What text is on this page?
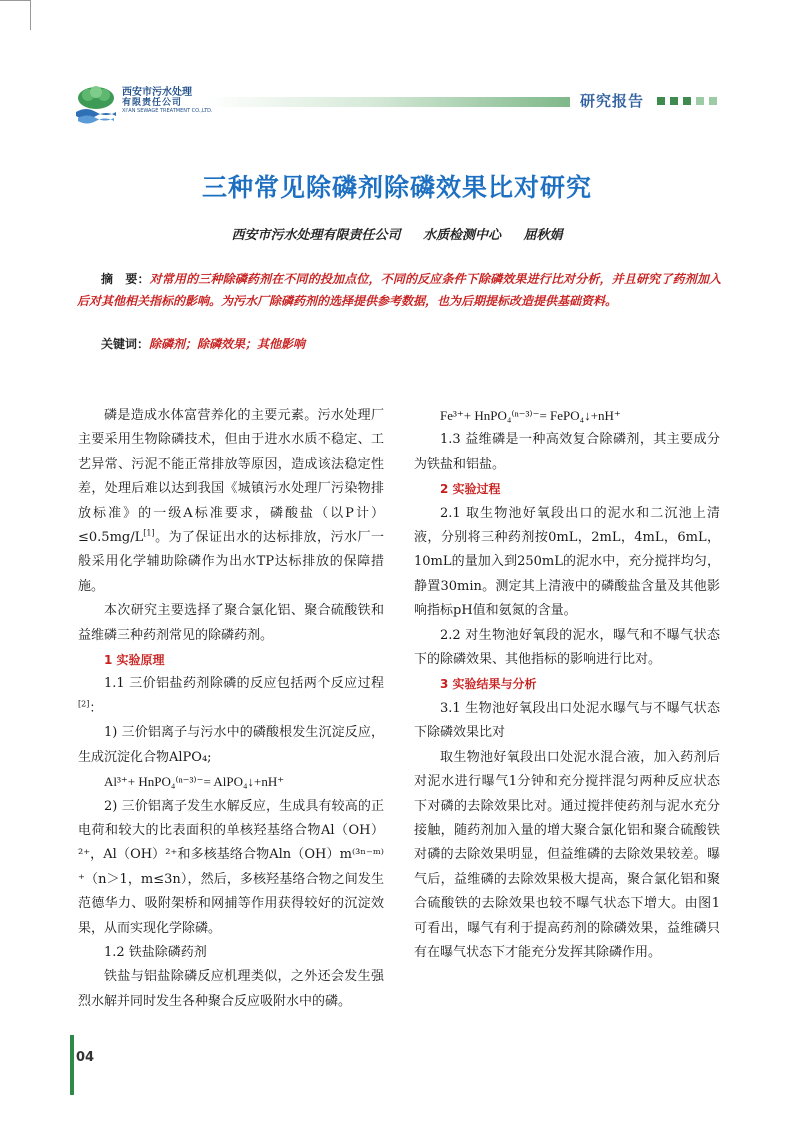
西安市污水处理
有限责任公司
XI'AN SEWAGE TREATMENT CO.,LTD.
研究报告
三种常见除磷剂除磷效果比对研究
西安市污水处理有限责任公司 水质检测中心 屈秋娟
摘　要：对常用的三种除磷药剂在不同的投加点位，不同的反应条件下除磷效果进行比对分析，并且研究了药剂加入后对其他相关指标的影响。为污水厂除磷药剂的选择提供参考数据，也为后期提标改造提供基础资料。
关键词：除磷剂；除磷效果；其他影响

磷是造成水体富营养化的主要元素。污水处理厂主要采用生物除磷技术，但由于进水水质不稳定、工艺异常、污泥不能正常排放等原因，造成该法稳定性差，处理后难以达到我国《城镇污水处理厂污染物排放标准》的一级A标准要求，磷酸盐（以P计）≤0.5mg/L[1]。为了保证出水的达标排放，污水厂一般采用化学辅助除磷作为出水TP达标排放的保障措施。

本次研究主要选择了聚合氯化铝、聚合硫酸铁和益维磷三种药剂常见的除磷药剂。

1 实验原理

1.1 三价铝盐药剂除磷的反应包括两个反应过程[2]：

1) 三价铝离子与污水中的磷酸根发生沉淀反应，生成沉淀化合物AlPO₄;

Al³⁺+ HnPO₄⁽ⁿ⁻³⁾⁻= AlPO₄↓+nH⁺

2) 三价铝离子发生水解反应，生成具有较高的正电荷和较大的比表面积的单核羟基络合物Al（OH）²⁺，Al（OH）²⁺和多核基络合物Aln（OH）m⁽³ⁿ⁻ᵐ⁾⁺（n＞1，m≤3n），然后，多核羟基络合物之间发生范德华力、吸附架桥和网捕等作用获得较好的沉淀效果，从而实现化学除磷。

1.2 铁盐除磷药剂

铁盐与铝盐除磷反应机理类似，之外还会发生强烈水解并同时发生各种聚合反应吸附水中的磷。

Fe³⁺+ HnPO₄⁽ⁿ⁻³⁾⁻= FePO₄↓+nH⁺

1.3 益维磷是一种高效复合除磷剂，其主要成分为铁盐和铝盐。

2 实验过程

2.1 取生物池好氧段出口的泥水和二沉池上清液，分别将三种药剂按0mL，2mL，4mL，6mL，10mL的量加入到250mL的泥水中，充分搅拌均匀，静置30min。测定其上清液中的磷酸盐含量及其他影响指标pH值和氨氮的含量。

2.2 对生物池好氧段的泥水，曝气和不曝气状态下的除磷效果、其他指标的影响进行比对。

3 实验结果与分析

3.1 生物池好氧段出口处泥水曝气与不曝气状态下除磷效果比对

取生物池好氧段出口处泥水混合液，加入药剂后对泥水进行曝气1分钟和充分搅拌混匀两种反应状态下对磷的去除效果比对。通过搅拌使药剂与泥水充分接触，随药剂加入量的增大聚合氯化铝和聚合硫酸铁对磷的去除效果明显，但益维磷的去除效果较差。曝气后，益维磷的去除效果极大提高，聚合氯化铝和聚合硫酸铁的去除效果也较不曝气状态下增大。由图1可看出，曝气有利于提高药剂的除磷效果，益维磷只有在曝气状态下才能充分发挥其除磷作用。

04
